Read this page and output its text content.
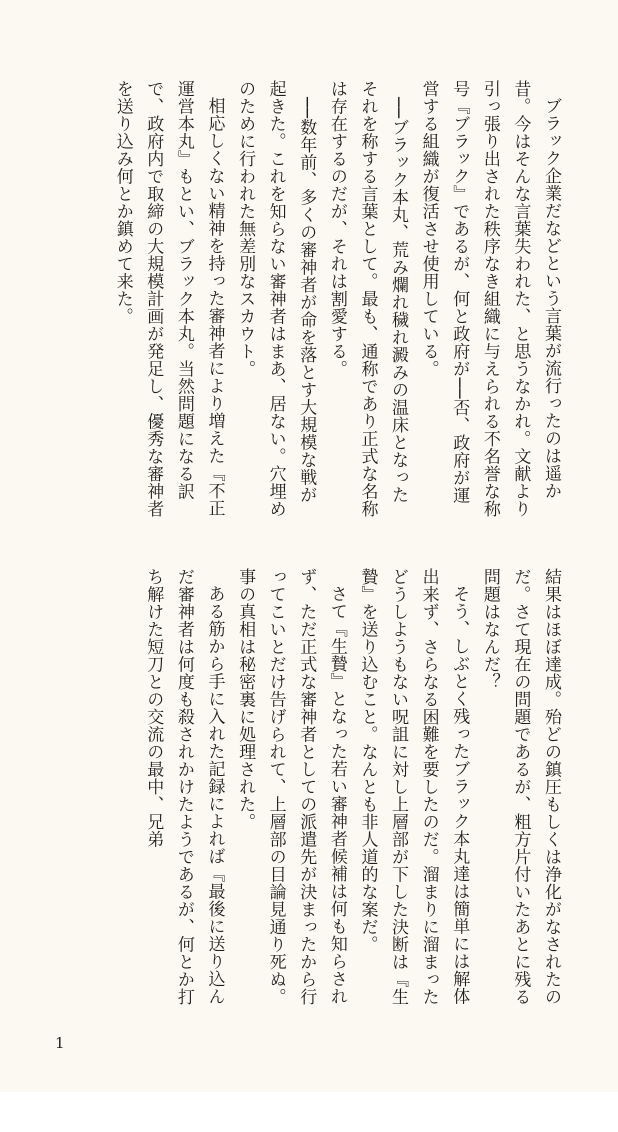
ブラック企業だなどという言葉が流行ったのは遥か昔。今はそんな言葉失われた、と思うなかれ。文献より引っ張り出された秩序なき組織に与えられる不名誉な称号『ブラック』であるが、何と政府が──否、政府が運営する組織が復活させ使用している。

──ブラック本丸、荒み爛れ穢れ澱みの温床となったそれを称する言葉として。最も、通称であり正式な名称は存在するのだが、それは割愛する。

──数年前、多くの審神者が命を落とす大規模な戦が起きた。これを知らない審神者はまあ、居ない。穴埋めのために行われた無差別なスカウト。

相応しくない精神を持った審神者により増えた『不正運営本丸』もとい、ブラック本丸。当然問題になる訳で、政府内で取締の大規模計画が発足し、優秀な審神者を送り込み何とか鎮めて来た。

結果はほぼ達成。殆どの鎮圧もしくは浄化がなされたのだ。さて現在の問題であるが、粗方片付いたあとに残る問題はなんだ？

そう、しぶとく残ったブラック本丸達は簡単には解体出来ず、さらなる困難を要したのだ。溜まりに溜まったどうしようもない呪詛に対し上層部が下した決断は『生贄』を送り込むこと。なんとも非人道的な案だ。

さて『生贄』となった若い審神者候補は何も知らされず、ただ正式な審神者としての派遣先が決まったから行ってこいとだけ告げられて、上層部の目論見通り死ぬ。事の真相は秘密裏に処理された。

ある筋から手に入れた記録によれば『最後に送り込んだ審神者は何度も殺されかけたようであるが、何とか打ち解けた短刀との交流の最中、兄弟

1
